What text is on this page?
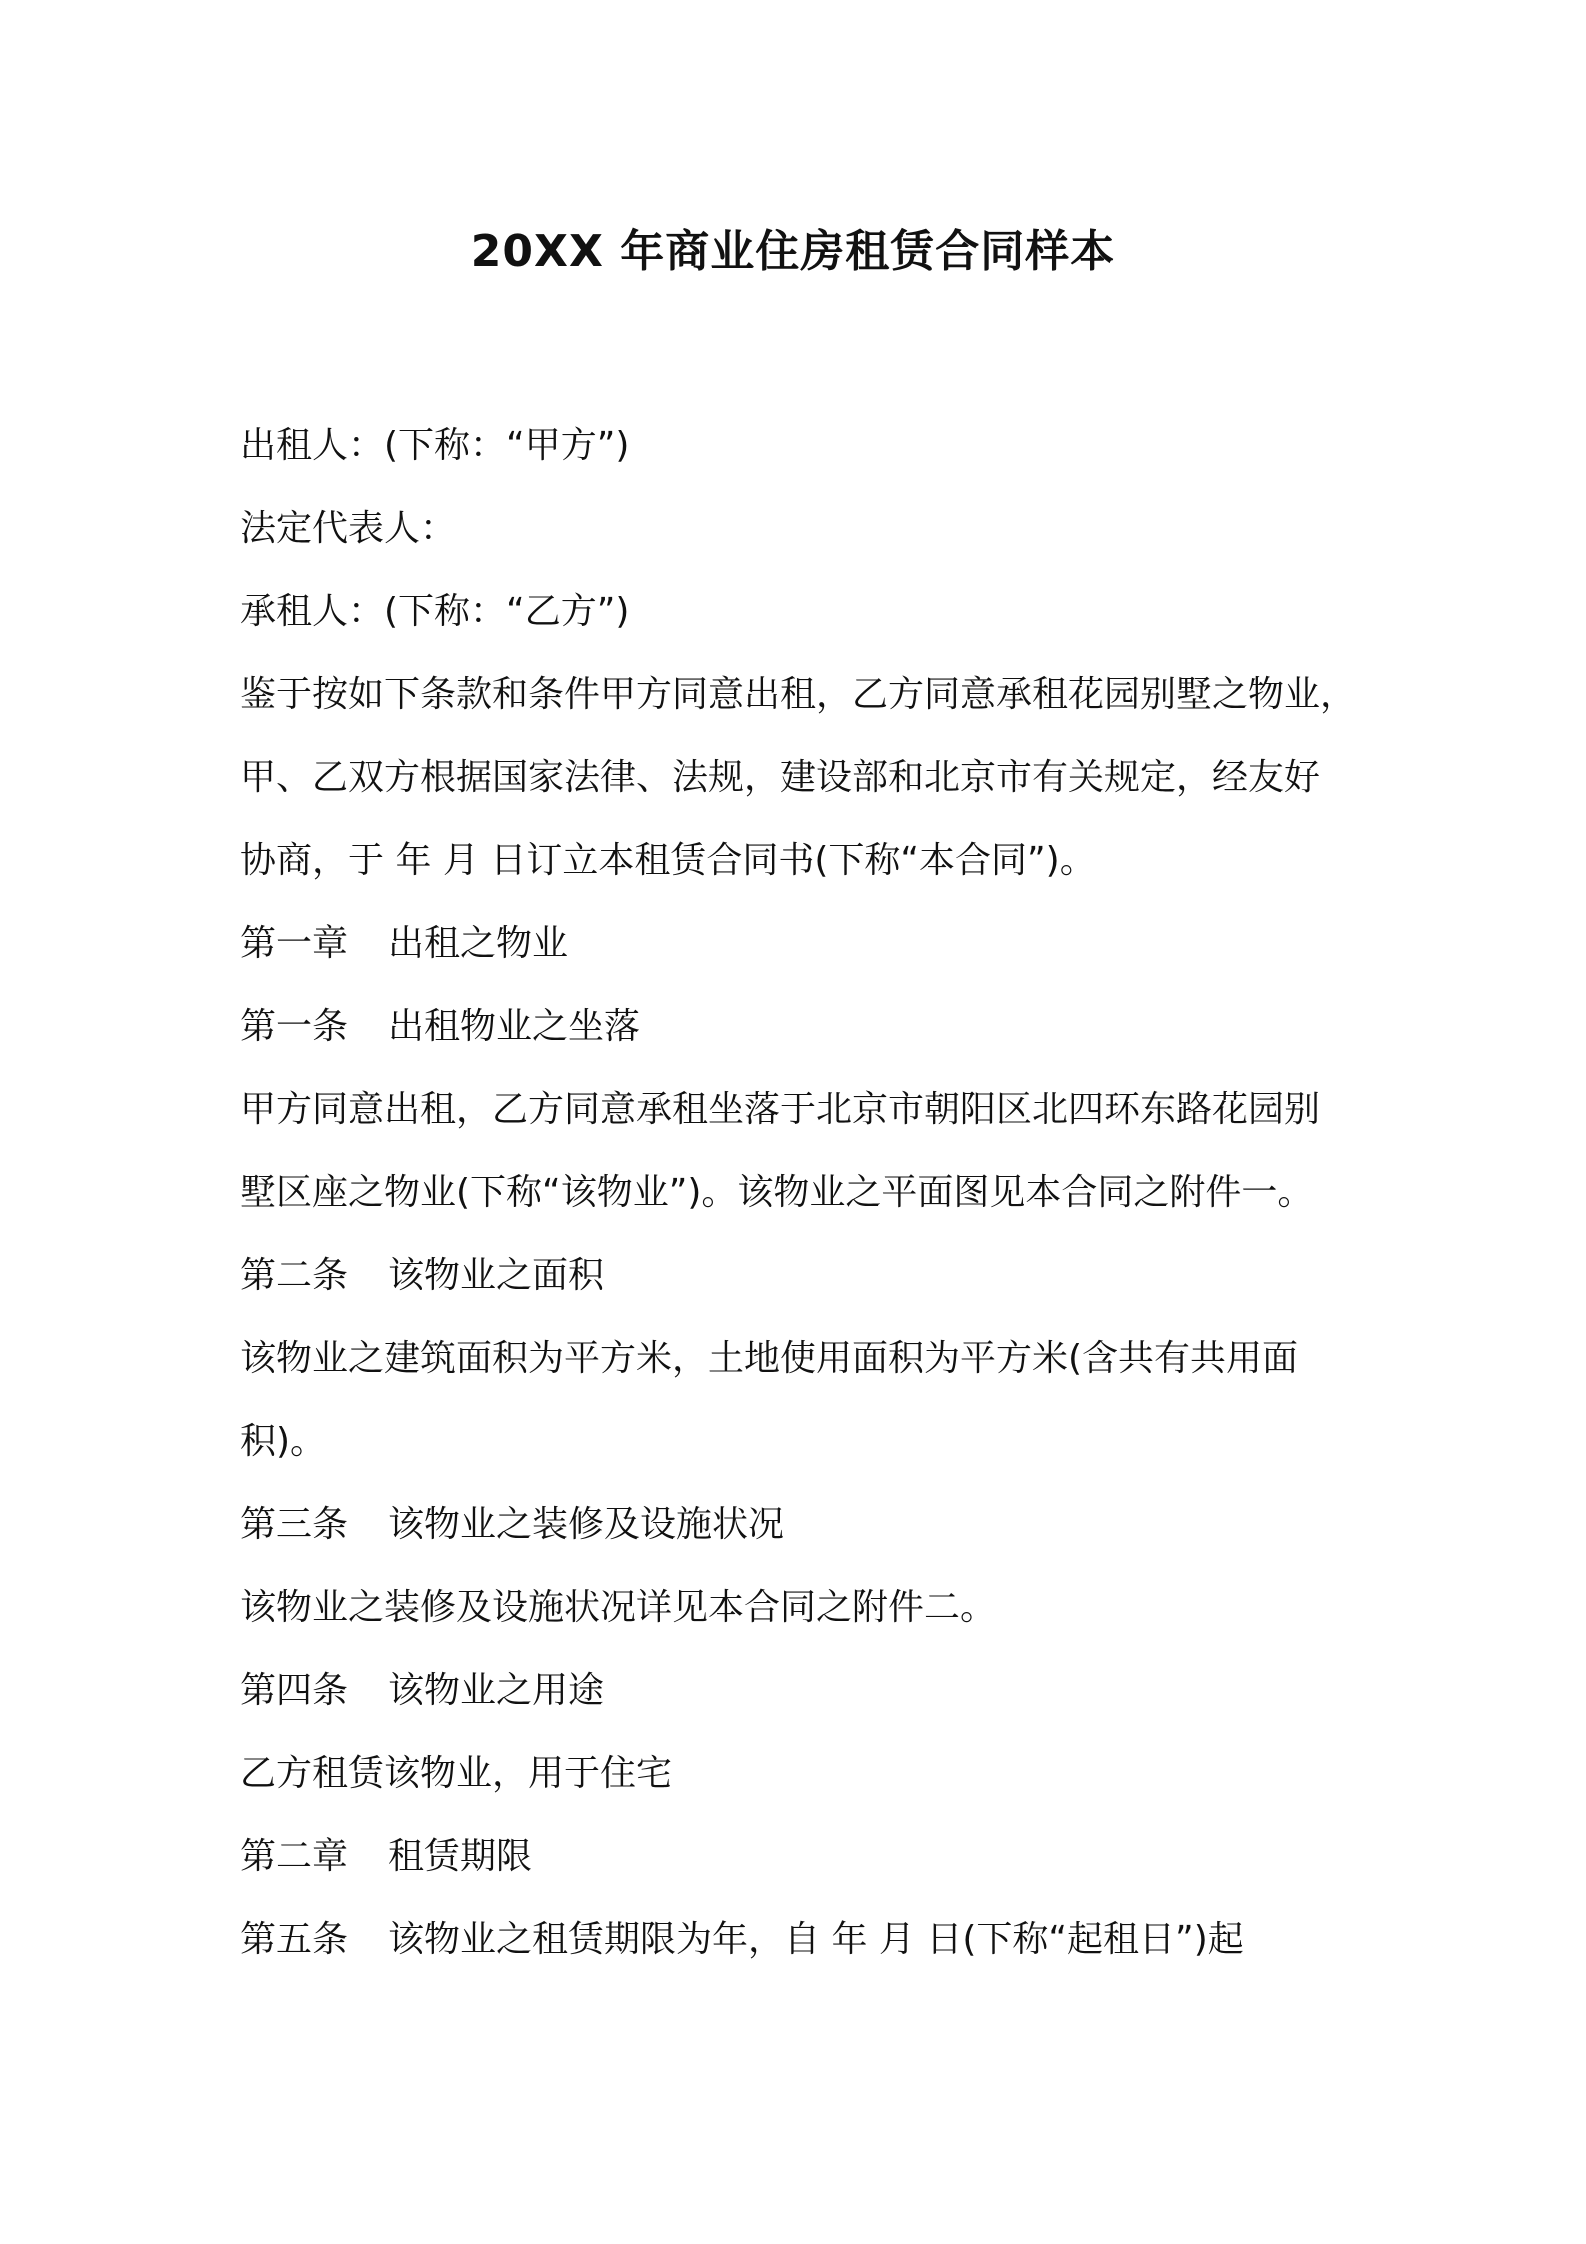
20XX 年商业住房租赁合同样本

出租人：(下称：“甲方”)

法定代表人：

承租人：(下称：“乙方”)

鉴于按如下条款和条件甲方同意出租，乙方同意承租花园别墅之物业，

甲、乙双方根据国家法律、法规，建设部和北京市有关规定，经友好

协商，于 年 月 日订立本租赁合同书(下称“本合同”)。

第一章 出租之物业

第一条 出租物业之坐落

甲方同意出租，乙方同意承租坐落于北京市朝阳区北四环东路花园别

墅区座之物业(下称“该物业”)。该物业之平面图见本合同之附件一。

第二条 该物业之面积

该物业之建筑面积为平方米，土地使用面积为平方米(含共有共用面

积)。

第三条 该物业之装修及设施状况

该物业之装修及设施状况详见本合同之附件二。

第四条 该物业之用途

乙方租赁该物业，用于住宅

第二章 租赁期限

第五条 该物业之租赁期限为年，自 年 月 日(下称“起租日”)起
